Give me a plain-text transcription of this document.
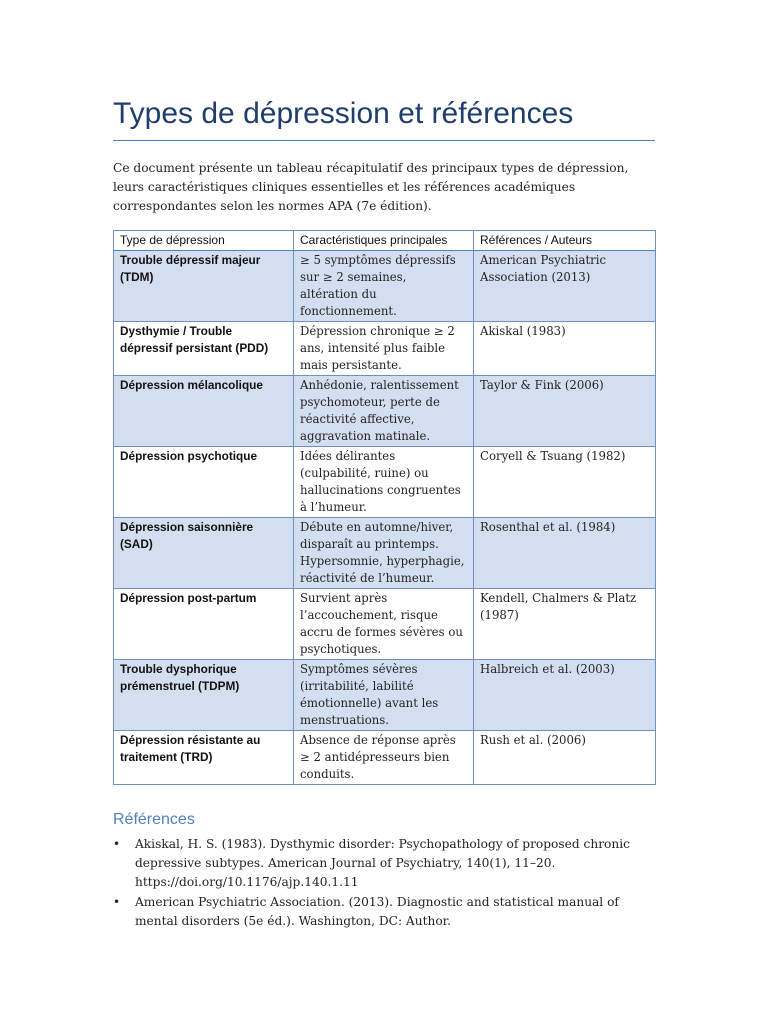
Types de dépression et références

Ce document présente un tableau récapitulatif des principaux types de dépression, leurs caractéristiques cliniques essentielles et les références académiques correspondantes selon les normes APA (7e édition).

Type de dépression	Caractéristiques principales	Références / Auteurs
Trouble dépressif majeur (TDM)	≥ 5 symptômes dépressifs sur ≥ 2 semaines, altération du fonctionnement.	American Psychiatric Association (2013)
Dysthymie / Trouble dépressif persistant (PDD)	Dépression chronique ≥ 2 ans, intensité plus faible mais persistante.	Akiskal (1983)
Dépression mélancolique	Anhédonie, ralentissement psychomoteur, perte de réactivité affective, aggravation matinale.	Taylor & Fink (2006)
Dépression psychotique	Idées délirantes (culpabilité, ruine) ou hallucinations congruentes à l’humeur.	Coryell & Tsuang (1982)
Dépression saisonnière (SAD)	Débute en automne/hiver, disparaît au printemps. Hypersomnie, hyperphagie, réactivité de l’humeur.	Rosenthal et al. (1984)
Dépression post-partum	Survient après l’accouchement, risque accru de formes sévères ou psychotiques.	Kendell, Chalmers & Platz (1987)
Trouble dysphorique prémenstruel (TDPM)	Symptômes sévères (irritabilité, labilité émotionnelle) avant les menstruations.	Halbreich et al. (2003)
Dépression résistante au traitement (TRD)	Absence de réponse après ≥ 2 antidépresseurs bien conduits.	Rush et al. (2006)
Références
• Akiskal, H. S. (1983). Dysthymic disorder: Psychopathology of proposed chronic depressive subtypes. American Journal of Psychiatry, 140(1), 11–20. https://doi.org/10.1176/ajp.140.1.11
• American Psychiatric Association. (2013). Diagnostic and statistical manual of mental disorders (5e éd.). Washington, DC: Author.
